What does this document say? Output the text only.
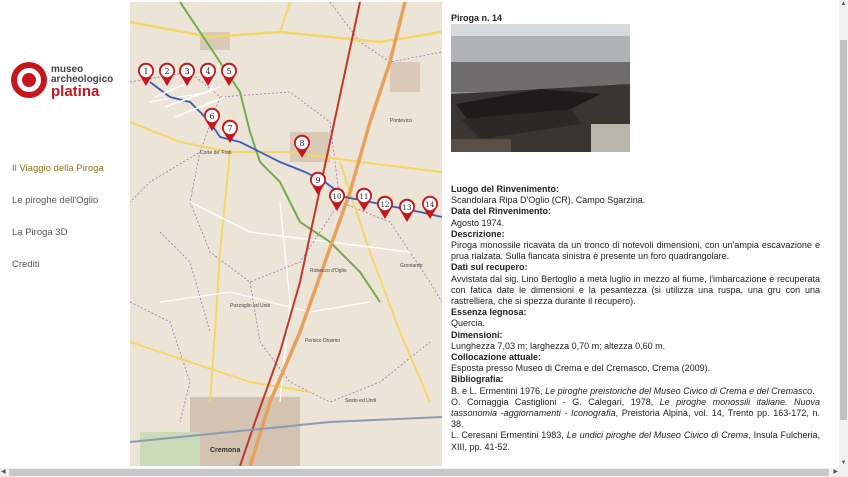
museo
archeologico
platina
Il Viaggio della Piroga
Le piroghe dell'Oglio
La Piroga 3D
Crediti
Corte de' Frati
Pozzaglio ed Uniti
Persico Dosimo
Robecco d'Oglio
Pontevico
Grontardo
Sesto ed Uniti
Cremona
1 2 3 4 5
6
7
8
9
10	11
12 13 14
Piroga n. 14
Luogo del Rinvenimento:
Scandolara Ripa D'Oglio (CR), Campo Sgarzina.
Data del Rinvenimento:
Agosto 1974.
Descrizione:
Piroga monossile ricavata da un tronco di notevoli dimensioni, con un'ampia escavazione e prua rialzata. Sulla fiancata sinistra è presente un foro quadrangolare.
Dati sul recupero:
Avvistata dal sig. Lino Bertoglio a metà luglio in mezzo al fiume, l'imbarcazione è recuperata con fatica date le dimensioni e la pesantezza (si utilizza una ruspa, una gru con una rastrelliera, che si spezza durante il recupero).
Essenza legnosa:
Quercia.
Dimensioni:
Lunghezza 7,03 m; larghezza 0,70 m; altezza 0,60 m.
Collocazione attuale:
Esposta presso Museo di Crema e del Cremasco, Crema (2009).
Bibliografia:
B. e L. Ermentini 1976, Le piroghe preistoriche del Museo Civico di Crema e del Cremasco.
O. Cornaggia Castiglioni - G. Calegari, 1978, Le piroghe monossili italiane. Nuova tassonomia -aggiornamenti - Iconografia, Preistoria Alpina, vol. 14, Trento pp. 163-172, n. 38.
L. Ceresani Ermentini 1983, Le undici piroghe del Museo Civico di Crema, Insula Fulcheria, XIII, pp. 41-52.
▲
▼
◀	▶
